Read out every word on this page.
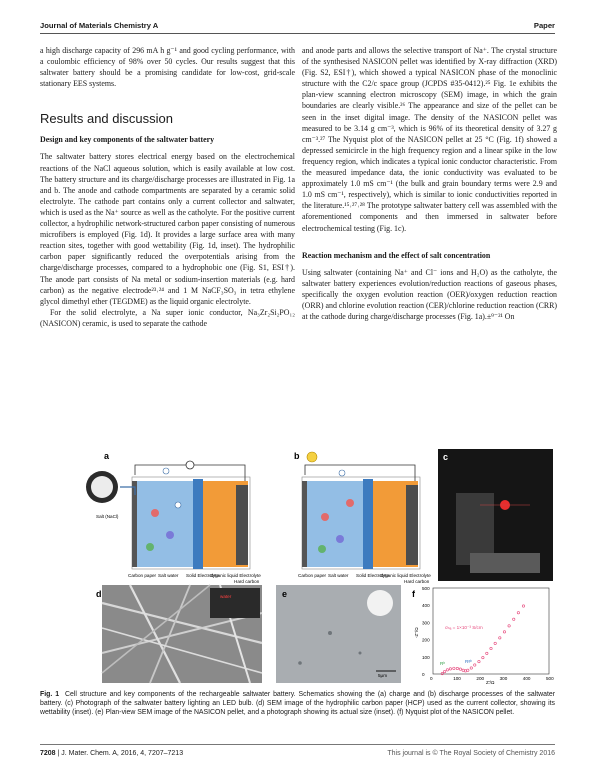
Journal of Materials Chemistry A	Paper

a high discharge capacity of 296 mA h g⁻¹ and good cycling performance, with a coulombic efficiency of 98% over 50 cycles. Our results suggest that this saltwater battery should be a promising candidate for low-cost, grid-scale stationary EES systems.

Results and discussion
Design and key components of the saltwater battery

The saltwater battery stores electrical energy based on the electrochemical reactions of the NaCl aqueous solution, which is easily available at low cost. The battery structure and its charge/discharge processes are illustrated in Fig. 1a and b. The anode and cathode compartments are separated by a ceramic solid electrolyte. The cathode part contains only a current collector and saltwater, which is used as the Na⁺ source as well as the catholyte. For the positive current collector, a hydrophilic network-structured carbon paper consisting of numerous microfibers is employed (Fig. 1d). It provides a large surface area with many reaction sites, together with good wettability (Fig. 1d, inset). The hydrophilic carbon paper significantly reduced the overpotentials arising from the charge/discharge processes, compared to a hydrophobic one (Fig. S1, ESI†). The anode part consists of Na metal or sodium-insertion materials (e.g. hard carbon) as the negative electrode²³˒²⁴ and 1 M NaCF₃SO₃ in tetra ethylene glycol dimethyl ether (TEGDME) as the liquid organic electrolyte.

For the solid electrolyte, a Na super ionic conductor, Na₃Zr₂Si₂PO₁₂ (NASICON) ceramic, is used to separate the cathode

and anode parts and allows the selective transport of Na⁺. The crystal structure of the synthesised NASICON pellet was identified by X-ray diffraction (XRD) (Fig. S2, ESI†), which showed a typical NASICON phase of the monoclinic structure with the C2/c space group (JCPDS #35-0412).²⁵ Fig. 1e exhibits the plan-view scanning electron microscopy (SEM) image, in which the grain boundaries are clearly visible.²⁶ The appearance and size of the pellet can be seen in the inset digital image. The density of the NASICON pellet was measured to be 3.14 g cm⁻³, which is 96% of its theoretical density of 3.27 g cm⁻³.²⁷ The Nyquist plot of the NASICON pellet at 25 °C (Fig. 1f) showed a depressed semicircle in the high frequency region and a linear spike in the low frequency region, which indicates a typical ionic conductor characteristic. From the measured impedance data, the ionic conductivity was evaluated to be approximately 1.0 mS cm⁻¹ (the bulk and grain boundary terms were 2.9 and 1.0 mS cm⁻¹, respectively), which is similar to ionic conductivities reported in the literature.¹⁵˒²⁷˒²⁸ The prototype saltwater battery cell was assembled with the aforementioned components and then immersed in saltwater before electrochemical testing (Fig. 1c).

Reaction mechanism and the effect of salt concentration

Using saltwater (containing Na⁺ and Cl⁻ ions and H₂O) as the catholyte, the saltwater battery experiences evolution/reduction reactions of gaseous phases, specifically the oxygen evolution reaction (OER)/oxygen reduction reaction (ORR) and chlorine evolution reaction (CER)/chlorine reduction reaction (CRR) at the cathode during charge/discharge processes (Fig. 1a).±⁹⁻²¹ On

a
Salt (NaCl)
Carbon paper Salt water Solid Electrolyte
Organic liquid Electrolyte
Hard carbon
b
Carbon paper Salt water Solid Electrolyte
Organic liquid Electrolyte
Hard carbon
c
water
d	e
5μm
f
-Z"/Ω
Z'/Ω
σₙₐ = 1×10⁻³ S/cm
Rᵇ	Rᵍᵇ
0	100	200	300	400	500
0
100
200
300
400
500
Fig. 1 Cell structure and key components of the rechargeable saltwater battery. Schematics showing the (a) charge and (b) discharge processes of the saltwater battery. (c) Photograph of the saltwater battery lighting an LED bulb. (d) SEM image of the hydrophilic carbon paper (HCP) used as the current collector, showing its wettability (inset). (e) Plan-view SEM image of the NASICON pellet, and a photograph showing its actual size (inset). (f) Nyquist plot of the NASICON pellet.
7208 | J. Mater. Chem. A, 2016, 4, 7207–7213	This journal is © The Royal Society of Chemistry 2016
